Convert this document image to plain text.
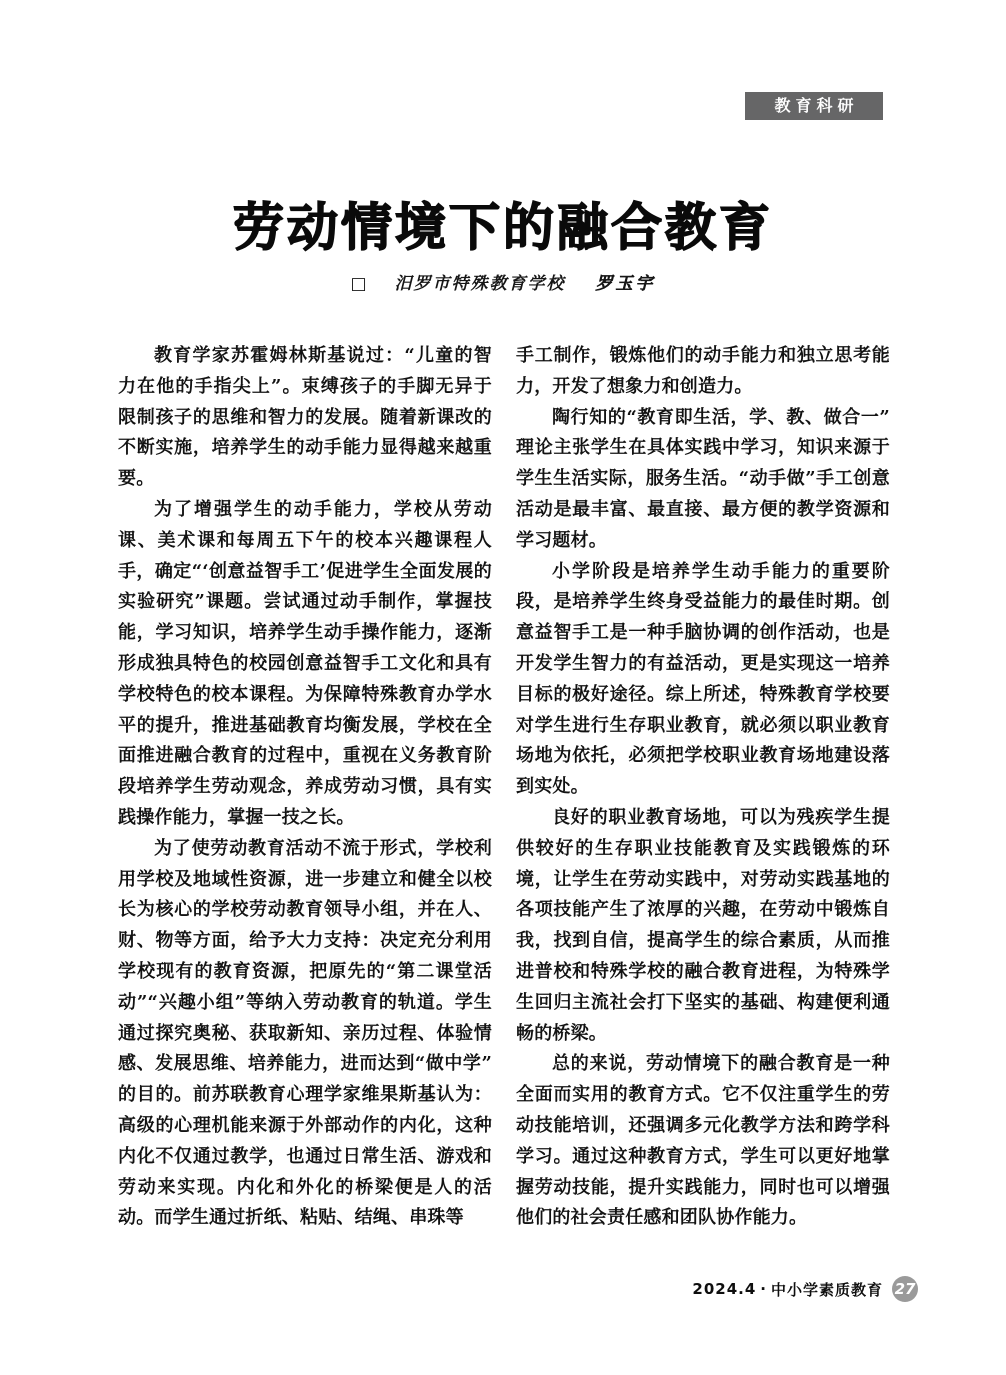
教育科研
劳动情境下的融合教育
□ 汨罗市特殊教育学校 罗玉宇

教育学家苏霍姆林斯基说过：“儿童的智力在他的手指尖上”。束缚孩子的手脚无异于限制孩子的思维和智力的发展。随着新课改的不断实施，培养学生的动手能力显得越来越重要。

为了增强学生的动手能力，学校从劳动课、美术课和每周五下午的校本兴趣课程人手，确定“‘创意益智手工’促进学生全面发展的实验研究”课题。尝试通过动手制作，掌握技能，学习知识，培养学生动手操作能力，逐渐形成独具特色的校园创意益智手工文化和具有学校特色的校本课程。为保障特殊教育办学水平的提升，推进基础教育均衡发展，学校在全面推进融合教育的过程中，重视在义务教育阶段培养学生劳动观念，养成劳动习惯，具有实践操作能力，掌握一技之长。

为了使劳动教育活动不流于形式，学校利用学校及地域性资源，进一步建立和健全以校长为核心的学校劳动教育领导小组，并在人、财、物等方面，给予大力支持：决定充分利用学校现有的教育资源，把原先的“第二课堂活动”“兴趣小组”等纳入劳动教育的轨道。学生通过探究奥秘、获取新知、亲历过程、体验情感、发展思维、培养能力，进而达到“做中学”的目的。前苏联教育心理学家维果斯基认为：高级的心理机能来源于外部动作的内化，这种内化不仅通过教学，也通过日常生活、游戏和劳动来实现。内化和外化的桥梁便是人的活动。而学生通过折纸、粘贴、结绳、串珠等

手工制作，锻炼他们的动手能力和独立思考能力，开发了想象力和创造力。

陶行知的“教育即生活，学、教、做合一”理论主张学生在具体实践中学习，知识来源于学生生活实际，服务生活。“动手做”手工创意活动是最丰富、最直接、最方便的教学资源和学习题材。

小学阶段是培养学生动手能力的重要阶段，是培养学生终身受益能力的最佳时期。创意益智手工是一种手脑协调的创作活动，也是开发学生智力的有益活动，更是实现这一培养目标的极好途径。综上所述，特殊教育学校要对学生进行生存职业教育，就必须以职业教育场地为依托，必须把学校职业教育场地建设落到实处。

良好的职业教育场地，可以为残疾学生提供较好的生存职业技能教育及实践锻炼的环境，让学生在劳动实践中，对劳动实践基地的各项技能产生了浓厚的兴趣，在劳动中锻炼自我，找到自信，提高学生的综合素质，从而推进普校和特殊学校的融合教育进程，为特殊学生回归主流社会打下坚实的基础、构建便利通畅的桥梁。

总的来说，劳动情境下的融合教育是一种全面而实用的教育方式。它不仅注重学生的劳动技能培训，还强调多元化教学方法和跨学科学习。通过这种教育方式，学生可以更好地掌握劳动技能，提升实践能力，同时也可以增强他们的社会责任感和团队协作能力。

2024.4 · 中小学素质教育 27
